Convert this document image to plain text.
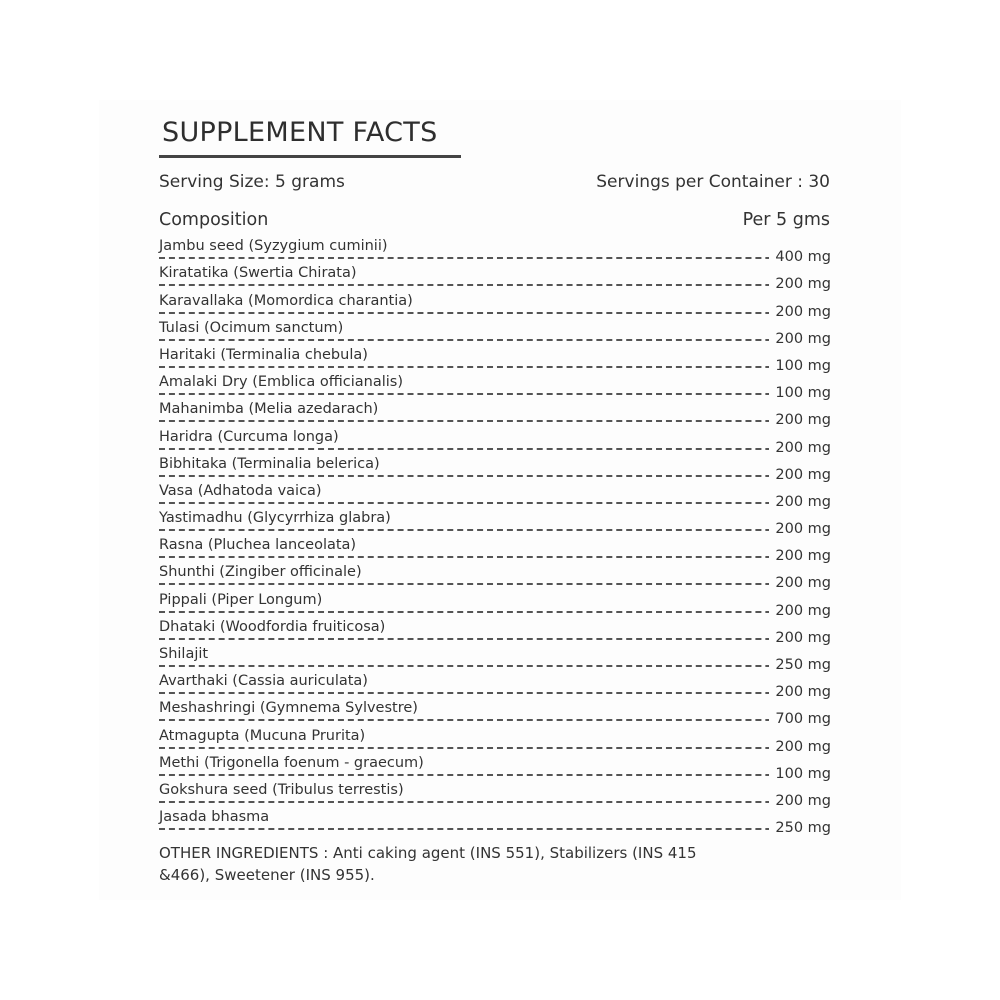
SUPPLEMENT FACTS
Serving Size: 5 grams	Servings per Container : 30
Composition	Per 5 gms
Jambu seed (Syzygium cuminii)
400 mg
Kiratatika (Swertia Chirata)
200 mg
Karavallaka (Momordica charantia)
200 mg
Tulasi (Ocimum sanctum)
200 mg
Haritaki (Terminalia chebula)
100 mg
Amalaki Dry (Emblica officianalis)
100 mg
Mahanimba (Melia azedarach)
200 mg
Haridra (Curcuma longa)
200 mg
Bibhitaka (Terminalia belerica)
200 mg
Vasa (Adhatoda vaica)
200 mg
Yastimadhu (Glycyrrhiza glabra)
200 mg
Rasna (Pluchea lanceolata)
200 mg
Shunthi (Zingiber officinale)
200 mg
Pippali (Piper Longum)
200 mg
Dhataki (Woodfordia fruiticosa)
200 mg
Shilajit
250 mg
Avarthaki (Cassia auriculata)
200 mg
Meshashringi (Gymnema Sylvestre)
700 mg
Atmagupta (Mucuna Prurita)
200 mg
Methi (Trigonella foenum - graecum)
100 mg
Gokshura seed (Tribulus terrestis)
200 mg
Jasada bhasma
250 mg
OTHER INGREDIENTS : Anti caking agent (INS 551), Stabilizers (INS 415 &466), Sweetener (INS 955).
